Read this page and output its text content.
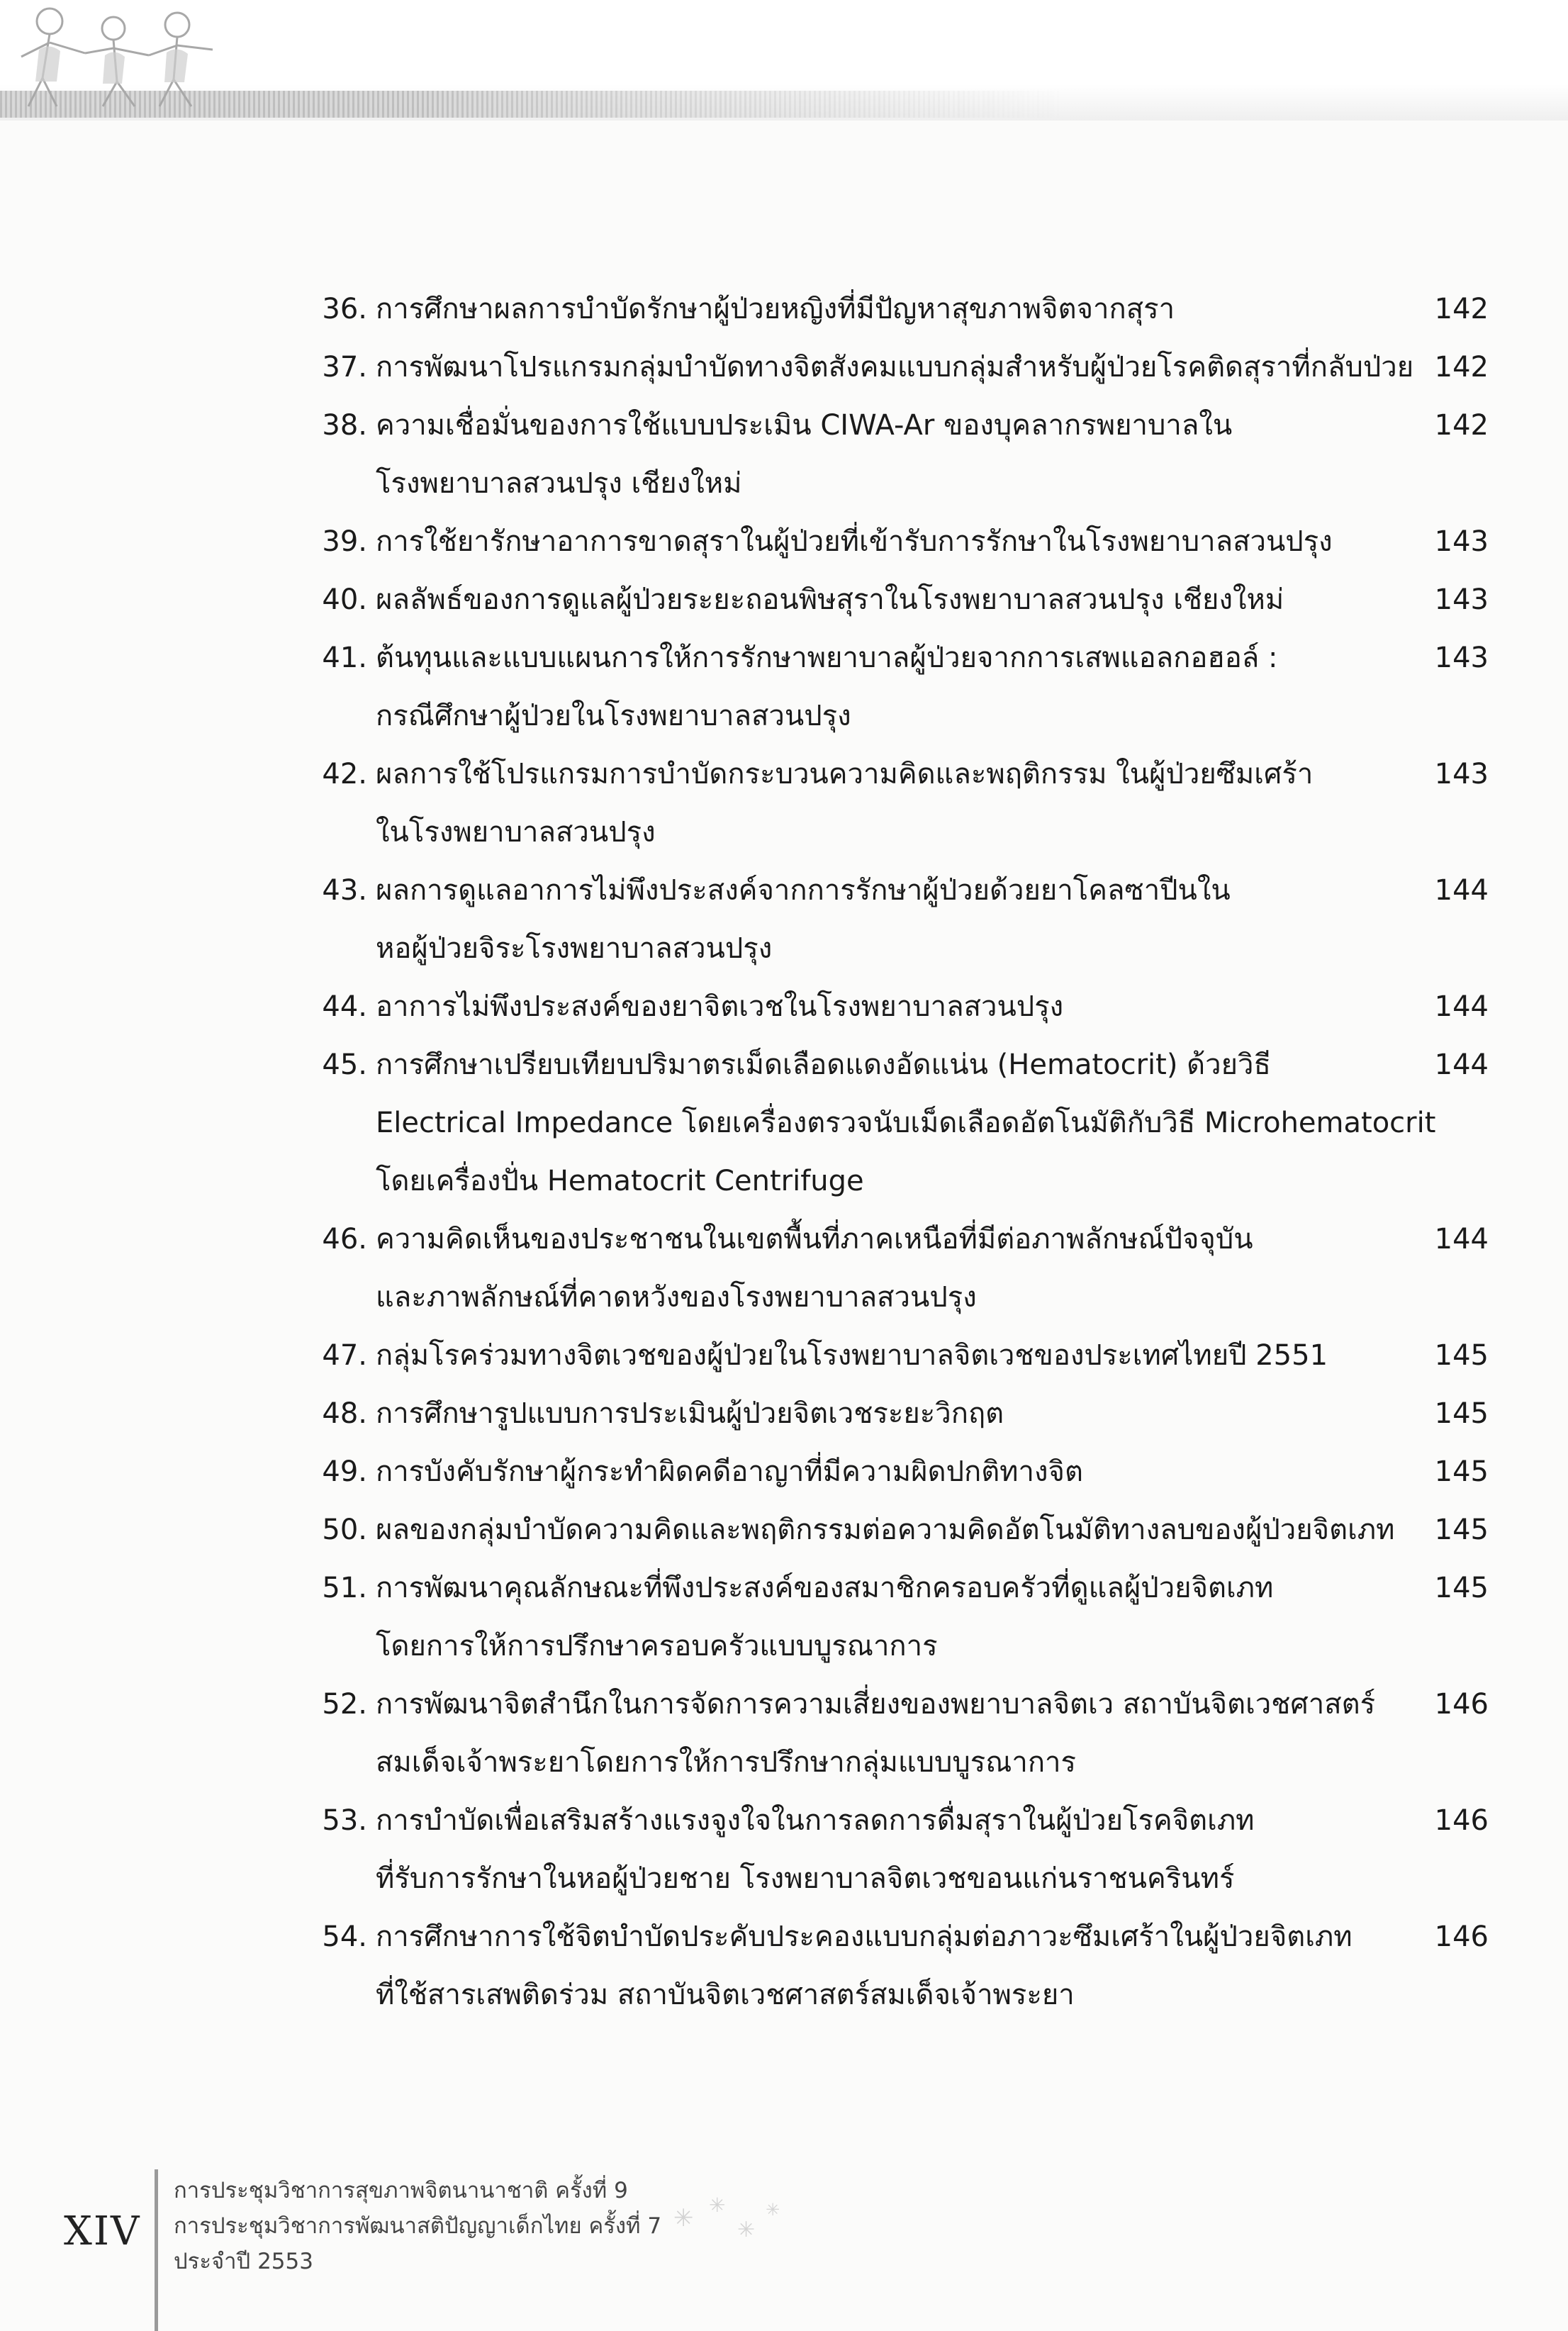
36. การศึกษาผลการบำบัดรักษาผู้ป่วยหญิงที่มีปัญหาสุขภาพจิตจากสุรา	142
37. การพัฒนาโปรแกรมกลุ่มบำบัดทางจิตสังคมแบบกลุ่มสำหรับผู้ป่วยโรคติดสุราที่กลับป่วย 142
38. ความเชื่อมั่นของการใช้แบบประเมิน CIWA-Ar ของบุคลากรพยาบาลใน
โรงพยาบาลสวนปรุง เชียงใหม่
142
39. การใช้ยารักษาอาการขาดสุราในผู้ป่วยที่เข้ารับการรักษาในโรงพยาบาลสวนปรุง	143
40. ผลลัพธ์ของการดูแลผู้ป่วยระยะถอนพิษสุราในโรงพยาบาลสวนปรุง เชียงใหม่	143
41. ต้นทุนและแบบแผนการให้การรักษาพยาบาลผู้ป่วยจากการเสพแอลกอฮอล์ :
กรณีศึกษาผู้ป่วยในโรงพยาบาลสวนปรุง
143
42. ผลการใช้โปรแกรมการบำบัดกระบวนความคิดและพฤติกรรม ในผู้ป่วยซึมเศร้า
ในโรงพยาบาลสวนปรุง
143
43. ผลการดูแลอาการไม่พึงประสงค์จากการรักษาผู้ป่วยด้วยยาโคลซาปีนใน
หอผู้ป่วยจิระโรงพยาบาลสวนปรุง
144
44. อาการไม่พึงประสงค์ของยาจิตเวชในโรงพยาบาลสวนปรุง	144
45. การศึกษาเปรียบเทียบปริมาตรเม็ดเลือดแดงอัดแน่น (Hematocrit) ด้วยวิธี
Electrical Impedance โดยเครื่องตรวจนับเม็ดเลือดอัตโนมัติกับวิธี Microhematocrit
โดยเครื่องปั่น Hematocrit Centrifuge
144
46. ความคิดเห็นของประชาชนในเขตพื้นที่ภาคเหนือที่มีต่อภาพลักษณ์ปัจจุบัน
และภาพลักษณ์ที่คาดหวังของโรงพยาบาลสวนปรุง
144
47. กลุ่มโรคร่วมทางจิตเวชของผู้ป่วยในโรงพยาบาลจิตเวชของประเทศไทยปี 2551	145
48. การศึกษารูปแบบการประเมินผู้ป่วยจิตเวชระยะวิกฤต	145
49. การบังคับรักษาผู้กระทำผิดคดีอาญาที่มีความผิดปกติทางจิต	145
50. ผลของกลุ่มบำบัดความคิดและพฤติกรรมต่อความคิดอัตโนมัติทางลบของผู้ป่วยจิตเภท	145
51. การพัฒนาคุณลักษณะที่พึงประสงค์ของสมาชิกครอบครัวที่ดูแลผู้ป่วยจิตเภท
โดยการให้การปรึกษาครอบครัวแบบบูรณาการ
145
52. การพัฒนาจิตสำนึกในการจัดการความเสี่ยงของพยาบาลจิตเว สถาบันจิตเวชศาสตร์
สมเด็จเจ้าพระยาโดยการให้การปรึกษากลุ่มแบบบูรณาการ
146
53. การบำบัดเพื่อเสริมสร้างแรงจูงใจในการลดการดื่มสุราในผู้ป่วยโรคจิตเภท
ที่รับการรักษาในหอผู้ป่วยชาย โรงพยาบาลจิตเวชขอนแก่นราชนครินทร์
146
54. การศึกษาการใช้จิตบำบัดประคับประคองแบบกลุ่มต่อภาวะซึมเศร้าในผู้ป่วยจิตเภท
ที่ใช้สารเสพติดร่วม สถาบันจิตเวชศาสตร์สมเด็จเจ้าพระยา
146
XIV
การประชุมวิชาการสุขภาพจิตนานาชาติ ครั้งที่ 9
การประชุมวิชาการพัฒนาสติปัญญาเด็กไทย ครั้งที่ 7
ประจำปี 2553
✳ ✳
✳
✳
